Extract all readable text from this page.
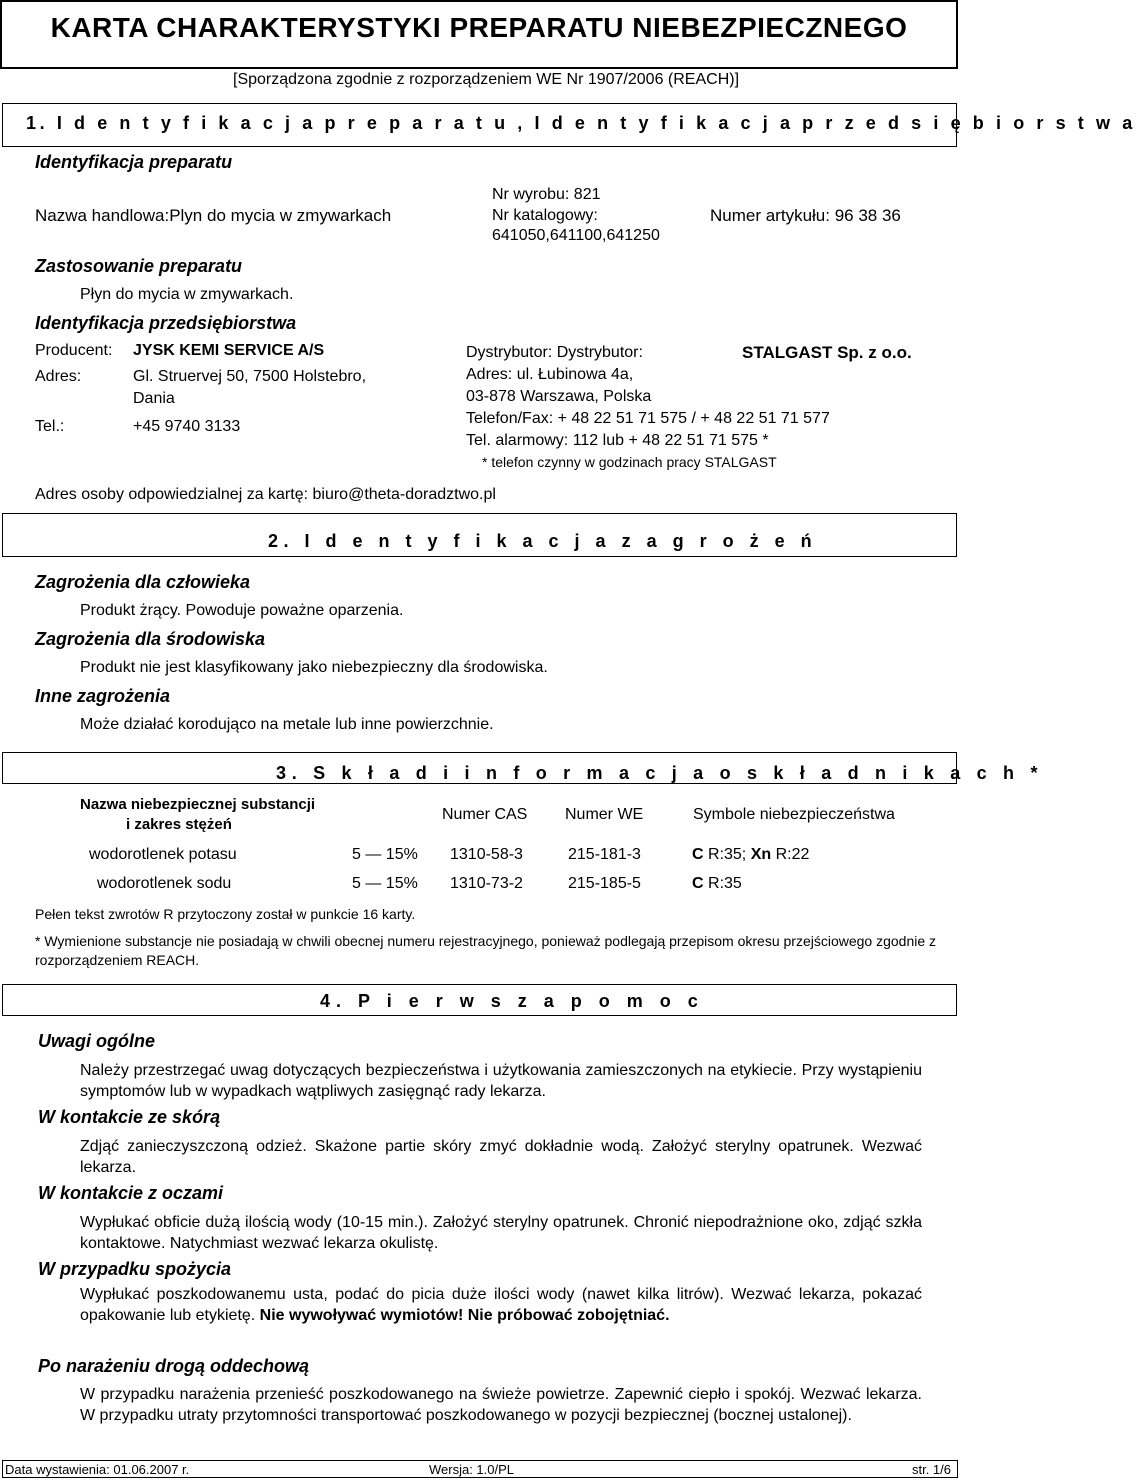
KARTA CHARAKTERYSTYKI PREPARATU NIEBEZPIECZNEGO
[Sporządzona zgodnie z rozporządzeniem WE Nr 1907/2006 (REACH)]
1. I d e n t y f i k a c j a p r e p a r a t u , I d e n t y f i k a c j a p r z e d s i ę b i o r s t w a
Identyfikacja preparatu
Nazwa handlowa:Plyn do mycia w zmywarkach
Nr wyrobu: 821
Nr katalogowy:
641050,641100,641250
Numer artykułu: 96 38 36
Zastosowanie preparatu
Płyn do mycia w zmywarkach.
Identyfikacja przedsiębiorstwa
Producent: JYSK KEMI SERVICE A/S
Adres:	Gl. Struervej 50, 7500 Holstebro,
Dania
Tel.:	+45 9740 3133
Dystrybutor: Dystrybutor:	STALGAST Sp. z o.o.
Adres: ul. Łubinowa 4a,
03-878 Warszawa, Polska
Telefon/Fax: + 48 22 51 71 575 / + 48 22 51 71 577
Tel. alarmowy: 112 lub + 48 22 51 71 575 *
* telefon czynny w godzinach pracy STALGAST
Adres osoby odpowiedzialnej za kartę: biuro@theta-doradztwo.pl
2. I d e n t y f i k a c j a z a g r o ż e ń
Zagrożenia dla człowieka
Produkt żrący. Powoduje poważne oparzenia.
Zagrożenia dla środowiska
Produkt nie jest klasyfikowany jako niebezpieczny dla środowiska.
Inne zagrożenia
Może działać korodująco na metale lub inne powierzchnie.
3. S k ł a d i i n f o r m a c j a o s k ł a d n i k a c h *
Nazwa niebezpiecznej substancji
i zakres stężeń
Numer CAS Numer WE	Symbole niebezpieczeństwa
wodorotlenek potasu	5 — 15% 1310-58-3	215-181-3	C R:35; Xn R:22
wodorotlenek sodu	5 — 15% 1310-73-2	215-185-5	C R:35
Pełen tekst zwrotów R przytoczony został w punkcie 16 karty.
* Wymienione substancje nie posiadają w chwili obecnej numeru rejestracyjnego, ponieważ podlegają przepisom okresu przejściowego zgodnie z rozporządzeniem REACH.
4. P i e r w s z a p o m o c
Uwagi ogólne
Należy przestrzegać uwag dotyczących bezpieczeństwa i użytkowania zamieszczonych na etykiecie. Przy wystąpieniu symptomów lub w wypadkach wątpliwych zasięgnąć rady lekarza.
W kontakcie ze skórą
Zdjąć zanieczyszczoną odzież. Skażone partie skóry zmyć dokładnie wodą. Założyć sterylny opatrunek. Wezwać lekarza.
W kontakcie z oczami
Wypłukać obficie dużą ilością wody (10-15 min.). Założyć sterylny opatrunek. Chronić niepodrażnione oko, zdjąć szkła kontaktowe. Natychmiast wezwać lekarza okulistę.
W przypadku spożycia
Wypłukać poszkodowanemu usta, podać do picia duże ilości wody (nawet kilka litrów). Wezwać lekarza, pokazać opakowanie lub etykietę. Nie wywoływać wymiotów! Nie próbować zobojętniać.
Po narażeniu drogą oddechową
W przypadku narażenia przenieść poszkodowanego na świeże powietrze. Zapewnić ciepło i spokój. Wezwać lekarza. W przypadku utraty przytomności transportować poszkodowanego w pozycji bezpiecznej (bocznej ustalonej).
Data wystawienia: 01.06.2007 r.	Wersja: 1.0/PL	str. 1/6
